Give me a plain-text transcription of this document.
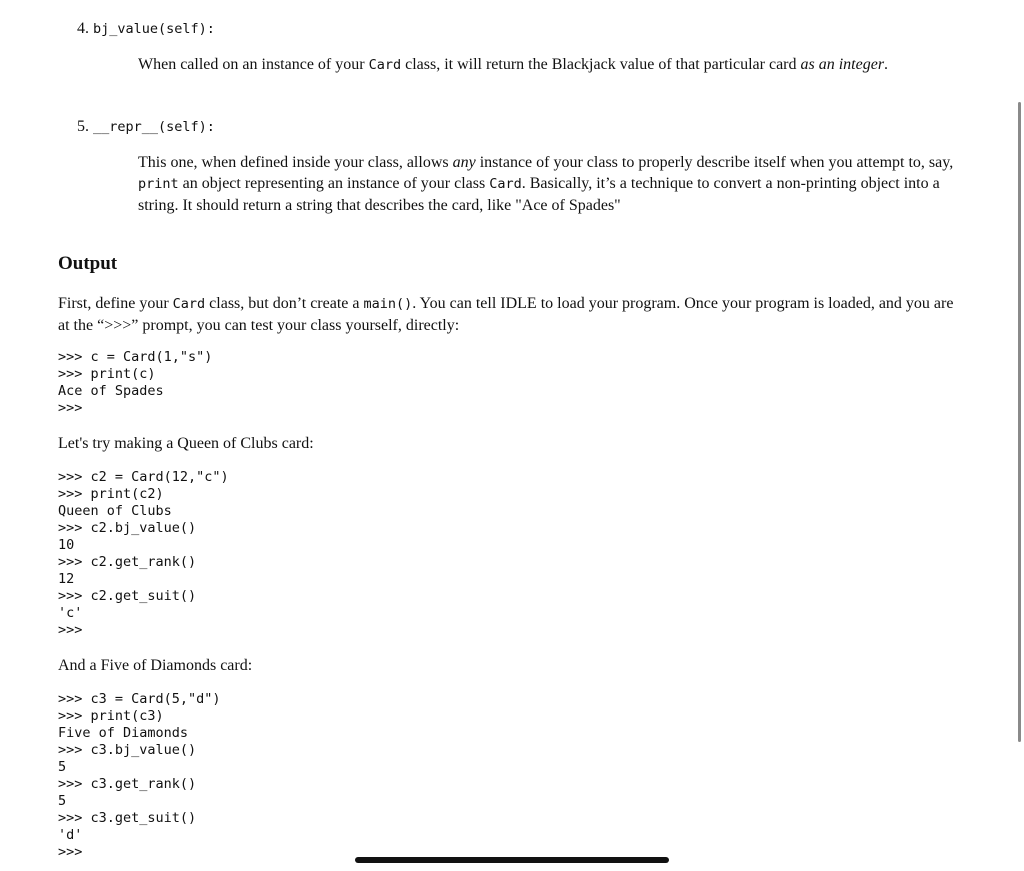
4. bj_value(self):
When called on an instance of your Card class, it will return the Blackjack value of that particular card as an integer.
5. __repr__(self):
This one, when defined inside your class, allows any instance of your class to properly describe itself when you attempt to, say, print an object representing an instance of your class Card. Basically, it’s a technique to convert a non-printing object into a string. It should return a string that describes the card, like "Ace of Spades"
Output
First, define your Card class, but don’t create a main(). You can tell IDLE to load your program. Once your program is loaded, and you are at the “>>>” prompt, you can test your class yourself, directly:
>>> c = Card(1,"s")
>>> print(c)
Ace of Spades
>>>
Let's try making a Queen of Clubs card:
>>> c2 = Card(12,"c")
>>> print(c2)
Queen of Clubs
>>> c2.bj_value()
10
>>> c2.get_rank()
12
>>> c2.get_suit()
'c'
>>>
And a Five of Diamonds card:
>>> c3 = Card(5,"d")
>>> print(c3)
Five of Diamonds
>>> c3.bj_value()
5
>>> c3.get_rank()
5
>>> c3.get_suit()
'd'
>>>
